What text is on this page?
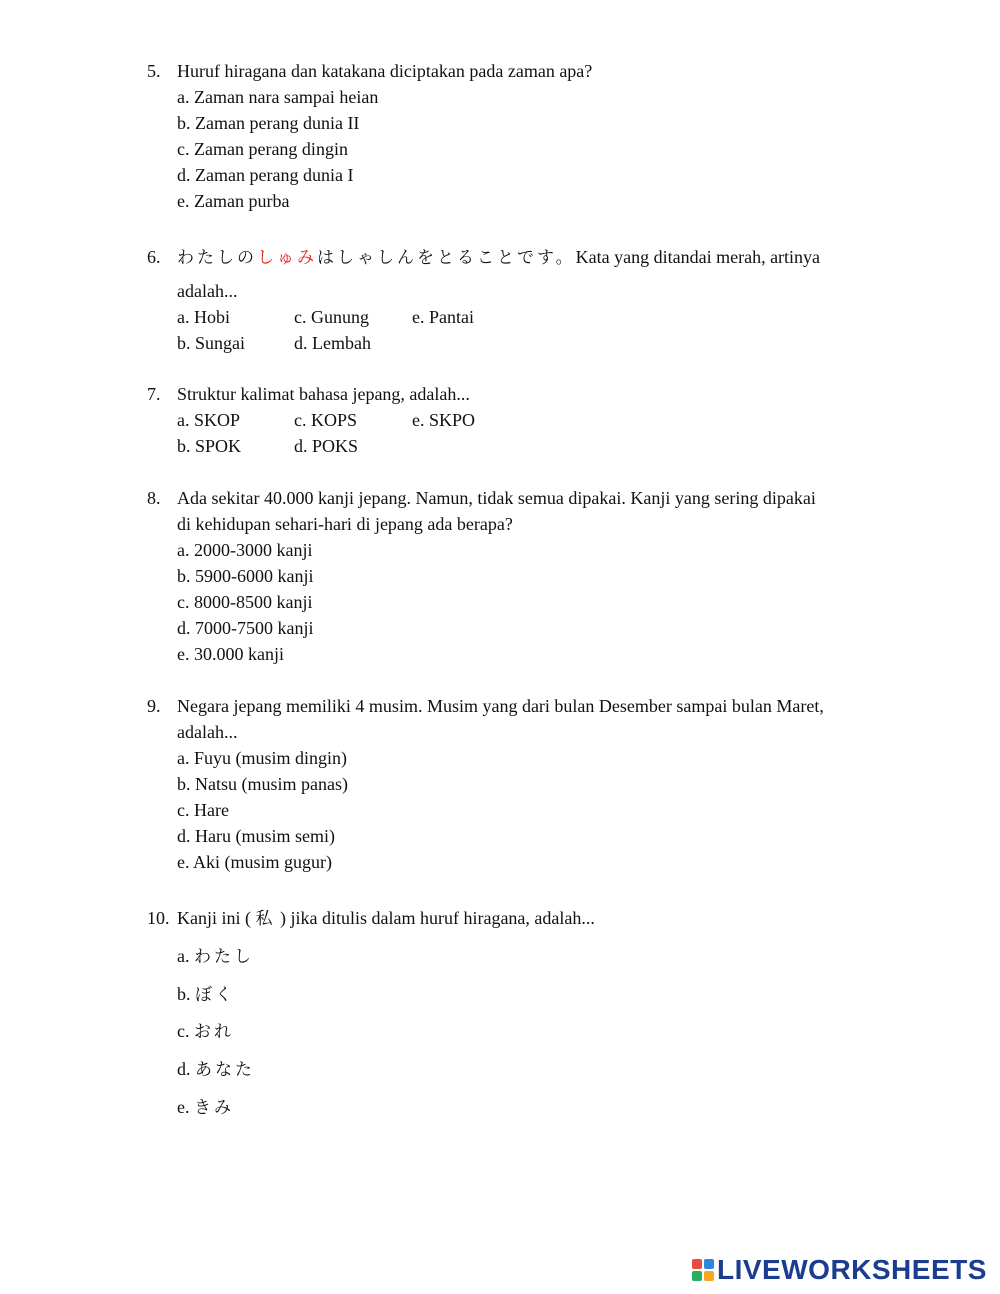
5. Huruf hiragana dan katakana diciptakan pada zaman apa?
a. Zaman nara sampai heian
b. Zaman perang dunia II
c. Zaman perang dingin
d. Zaman perang dunia I
e. Zaman purba
6. わたしのしゅみはしゃしんをとることです。Kata yang ditandai merah, artinya
adalah...
a. Hobi
b. Sungai
c. Gunung
d. Lembah
e. Pantai
7. Struktur kalimat bahasa jepang, adalah...
a. SKOP
b. SPOK
c. KOPS
d. POKS
e. SKPO
8. Ada sekitar 40.000 kanji jepang. Namun, tidak semua dipakai. Kanji yang sering dipakai
di kehidupan sehari-hari di jepang ada berapa?
a. 2000-3000 kanji
b. 5900-6000 kanji
c. 8000-8500 kanji
d. 7000-7500 kanji
e. 30.000 kanji
9. Negara jepang memiliki 4 musim. Musim yang dari bulan Desember sampai bulan Maret,
adalah...
a. Fuyu (musim dingin)
b. Natsu (musim panas)
c. Hare
d. Haru (musim semi)
e. Aki (musim gugur)
10. Kanji ini ( 私 ) jika ditulis dalam huruf hiragana, adalah...
a. わたし
b. ぼく
c. おれ
d. あなた
e. きみ
LIVEWORKSHEETS
